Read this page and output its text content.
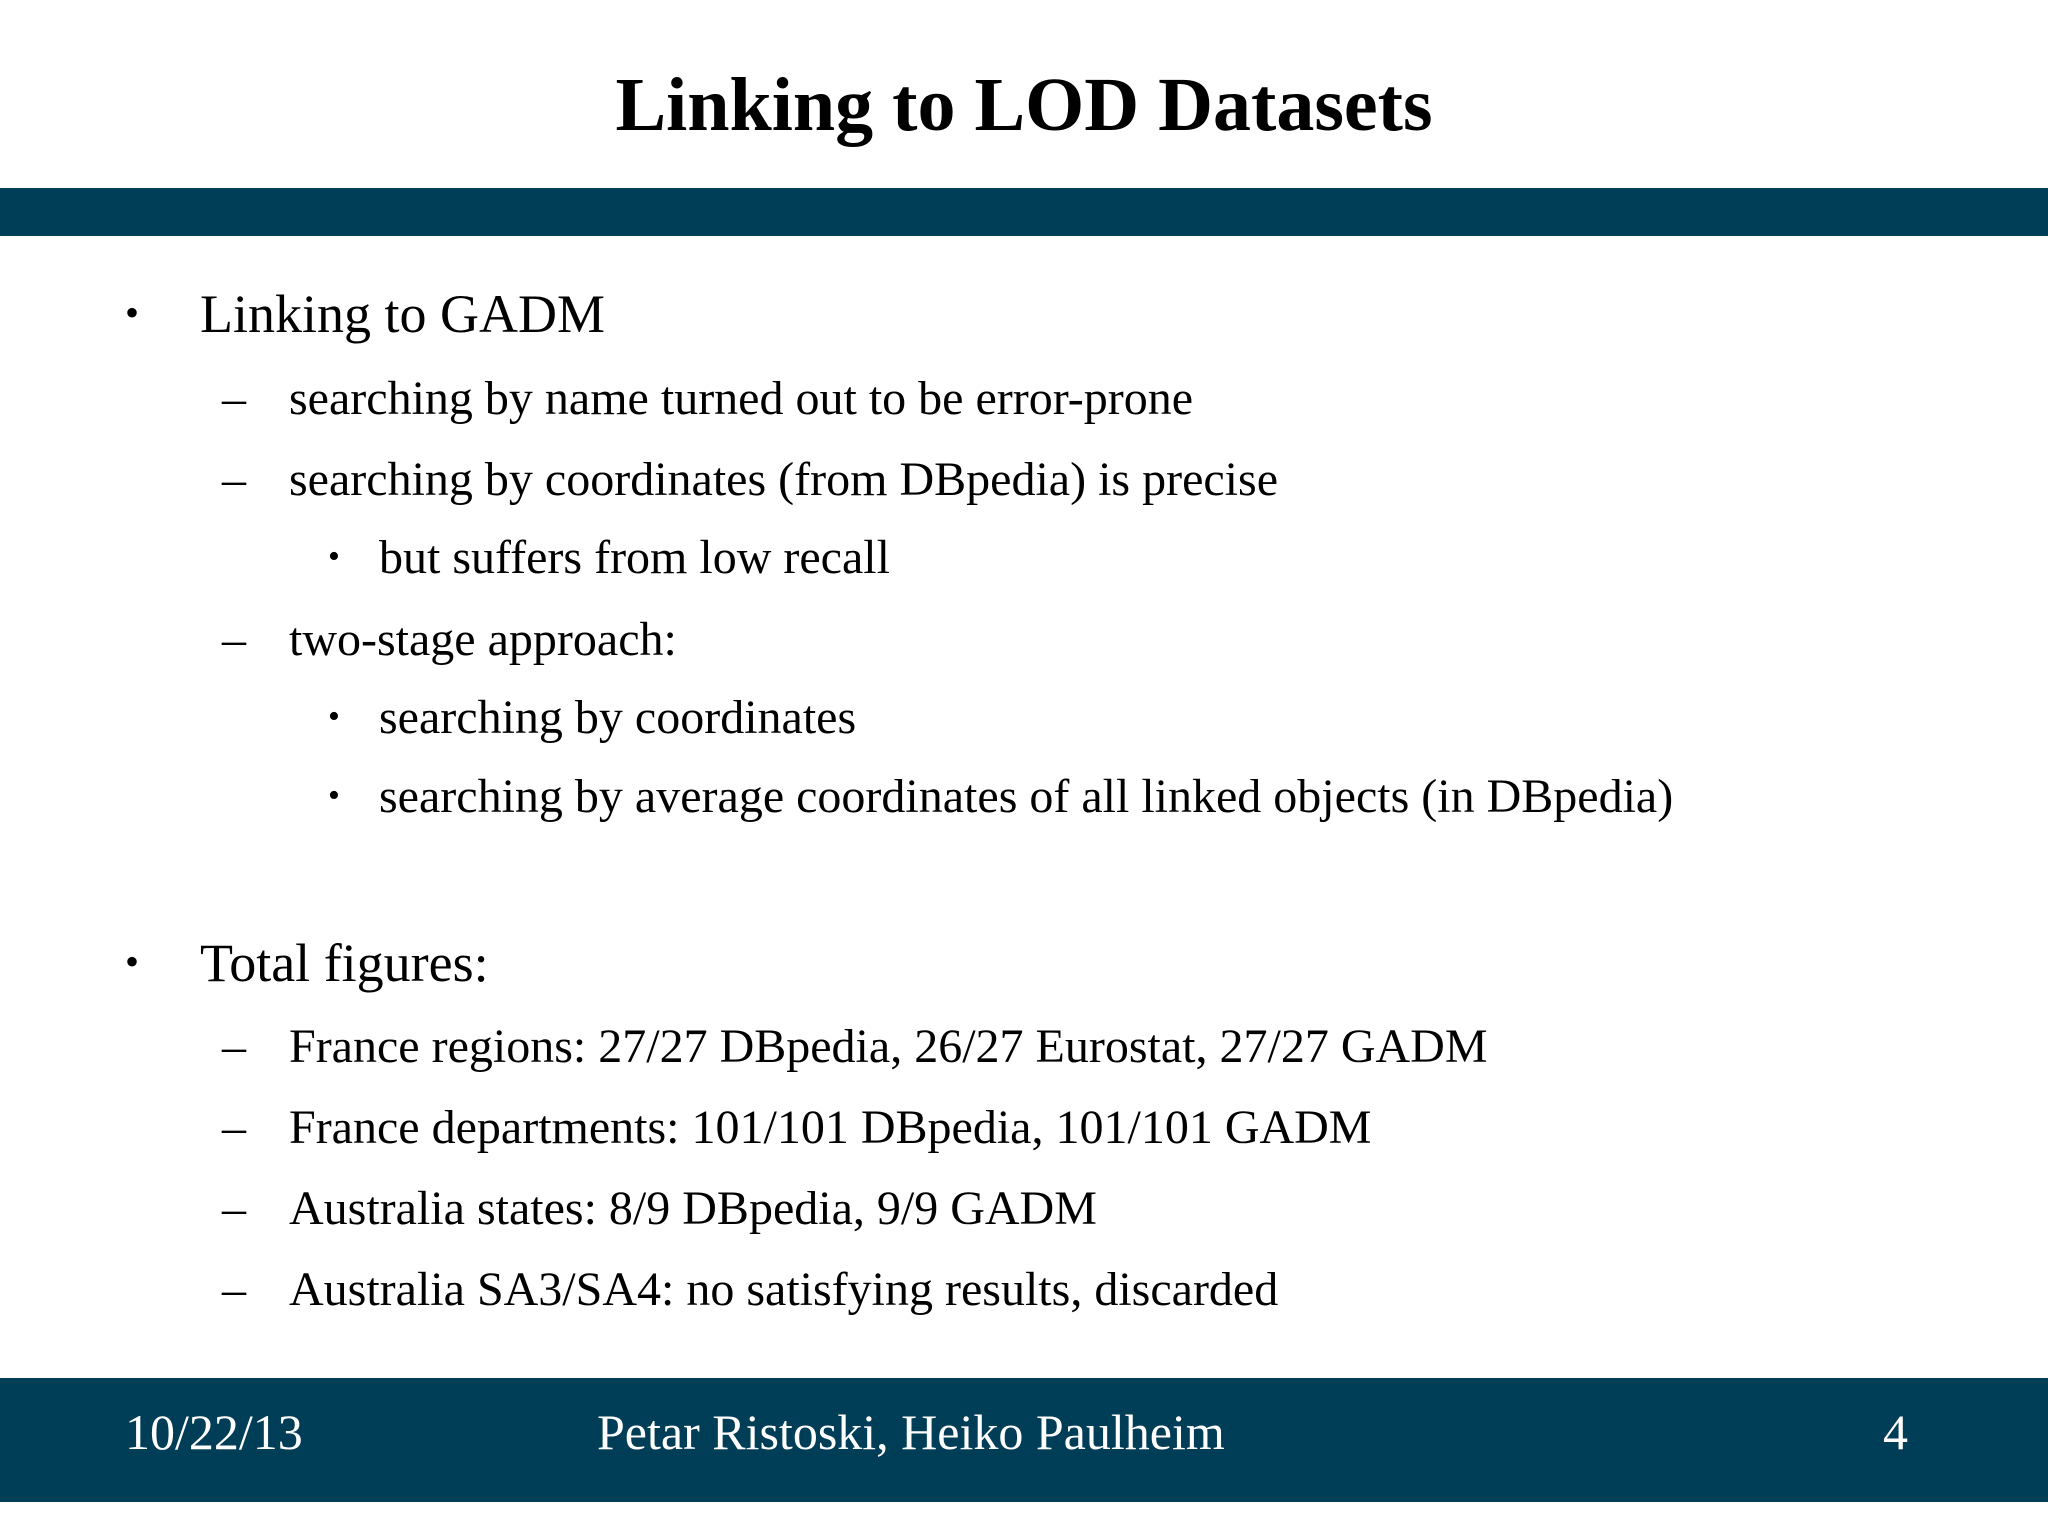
Linking to LOD Datasets
• Linking to GADM
– searching by name turned out to be error-prone
– searching by coordinates (from DBpedia) is precise
• but suffers from low recall
– two-stage approach:
• searching by coordinates
• searching by average coordinates of all linked objects (in DBpedia)
• Total figures:
– France regions: 27/27 DBpedia, 26/27 Eurostat, 27/27 GADM
– France departments: 101/101 DBpedia, 101/101 GADM
– Australia states: 8/9 DBpedia, 9/9 GADM
– Australia SA3/SA4: no satisfying results, discarded
10/22/13	Petar Ristoski, Heiko Paulheim	4
